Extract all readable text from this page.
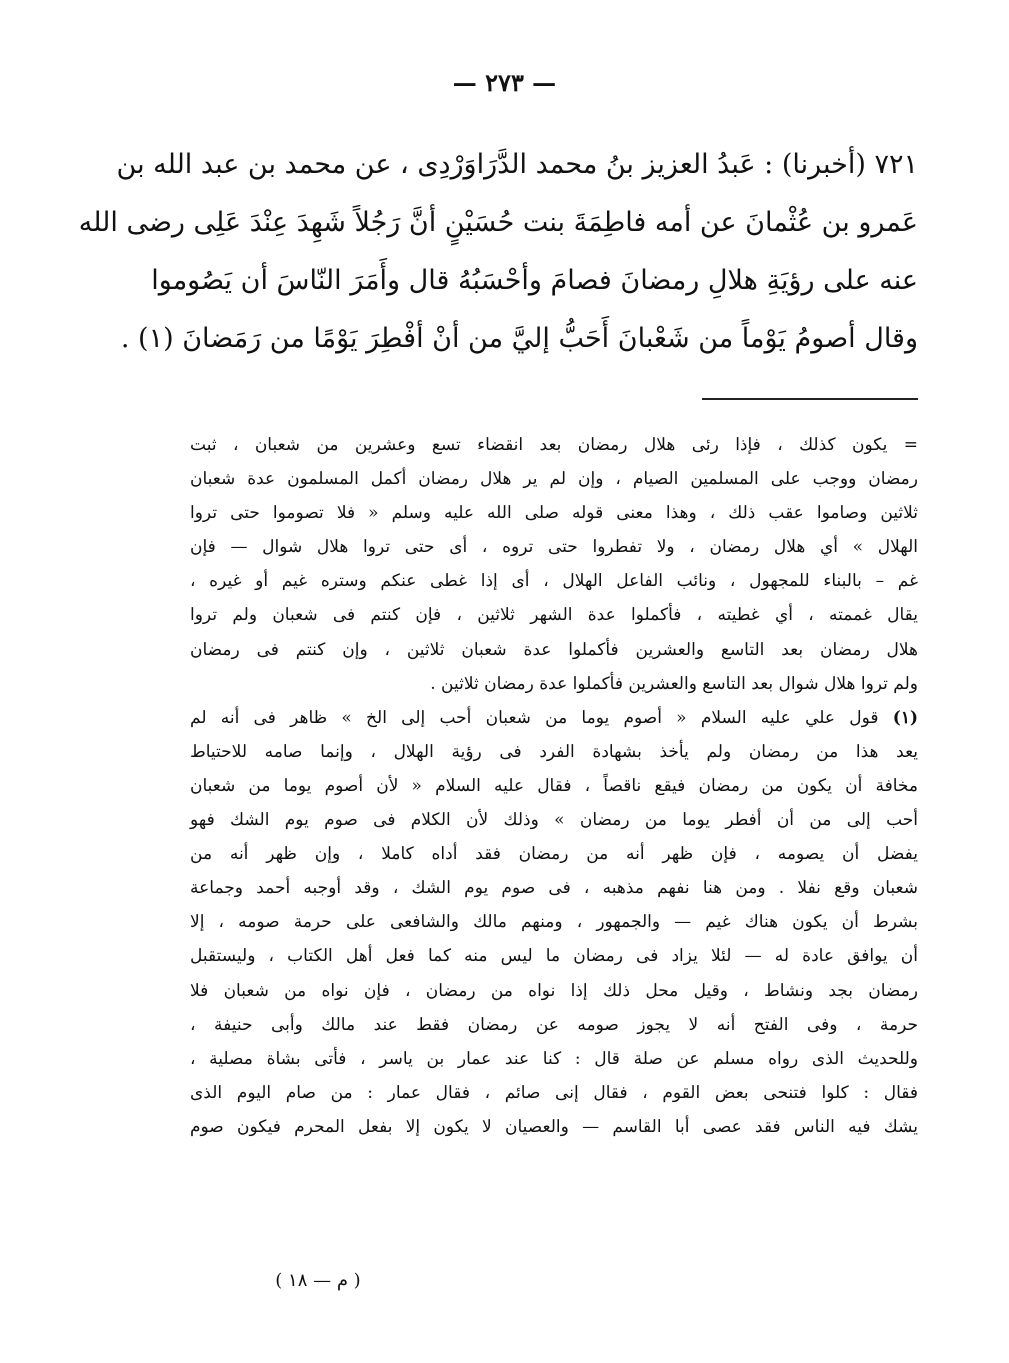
— ٢٧٣ —
٧٢١ (أخبرنا) : عَبدُ العزيز بنُ محمد الدَّرَاوَرْدِى ، عن محمد بن عبد الله بن
عَمرو بن عُثْمانَ عن أمه فاطِمَةَ بنت حُسَيْنٍ أنَّ رَجُلاً شَهِدَ عِنْدَ عَلِى رضى الله
عنه على رؤيَةِ هلالِ رمضانَ فصامَ وأحْسَبُهُ قال وأَمَرَ النّاسَ أن يَصُوموا
وقال أصومُ يَوْماً من شَعْبانَ أَحَبُّ إليَّ من أنْ أفْطِرَ يَوْمًا من رَمَضانَ (١) .
= يكون كذلك ، فإذا رئى هلال رمضان بعد انقضاء تسع وعشرين من شعبان ، ثبت
رمضان ووجب على المسلمين الصيام ، وإن لم ير هلال رمضان أكمل المسلمون عدة شعبان
ثلاثين وصاموا عقب ذلك ، وهذا معنى قوله صلى الله عليه وسلم « فلا تصوموا حتى تروا
الهلال » أي هلال رمضان ، ولا تفطروا حتى تروه ، أى حتى تروا هلال شوال — فإن
غم – بالبناء للمجهول ، ونائب الفاعل الهلال ، أى إذا غطى عنكم وستره غيم أو غيره ،
يقال غممته ، أي غطيته ، فأكملوا عدة الشهر ثلاثين ، فإن كنتم فى شعبان ولم تروا
هلال رمضان بعد التاسع والعشرين فأكملوا عدة شعبان ثلاثين ، وإن كنتم فى رمضان
ولم تروا هلال شوال بعد التاسع والعشرين فأكملوا عدة رمضان ثلاثين .
(١) قول علي عليه السلام « أصوم يوما من شعبان أحب إلى الخ » ظاهر فى أنه لم
يعد هذا من رمضان ولم يأخذ بشهادة الفرد فى رؤية الهلال ، وإنما صامه للاحتياط
مخافة أن يكون من رمضان فيقع ناقصاً ، فقال عليه السلام « لأن أصوم يوما من شعبان
أحب إلى من أن أفطر يوما من رمضان » وذلك لأن الكلام فى صوم يوم الشك فهو
يفضل أن يصومه ، فإن ظهر أنه من رمضان فقد أداه كاملا ، وإن ظهر أنه من
شعبان وقع نفلا . ومن هنا نفهم مذهبه ، فى صوم يوم الشك ، وقد أوجبه أحمد وجماعة
بشرط أن يكون هناك غيم — والجمهور ، ومنهم مالك والشافعى على حرمة صومه ، إلا
أن يوافق عادة له — لئلا يزاد فى رمضان ما ليس منه كما فعل أهل الكتاب ، وليستقبل
رمضان بجد ونشاط ، وقيل محل ذلك إذا نواه من رمضان ، فإن نواه من شعبان فلا
حرمة ، وفى الفتح أنه لا يجوز صومه عن رمضان فقط عند مالك وأبى حنيفة ،
وللحديث الذى رواه مسلم عن صلة قال : كنا عند عمار بن ياسر ، فأتى بشاة مصلية ،
فقال : كلوا فتنحى بعض القوم ، فقال إنى صائم ، فقال عمار : من صام اليوم الذى
يشك فيه الناس فقد عصى أبا القاسم — والعصيان لا يكون إلا بفعل المحرم فيكون صوم
( م — ١٨ )
